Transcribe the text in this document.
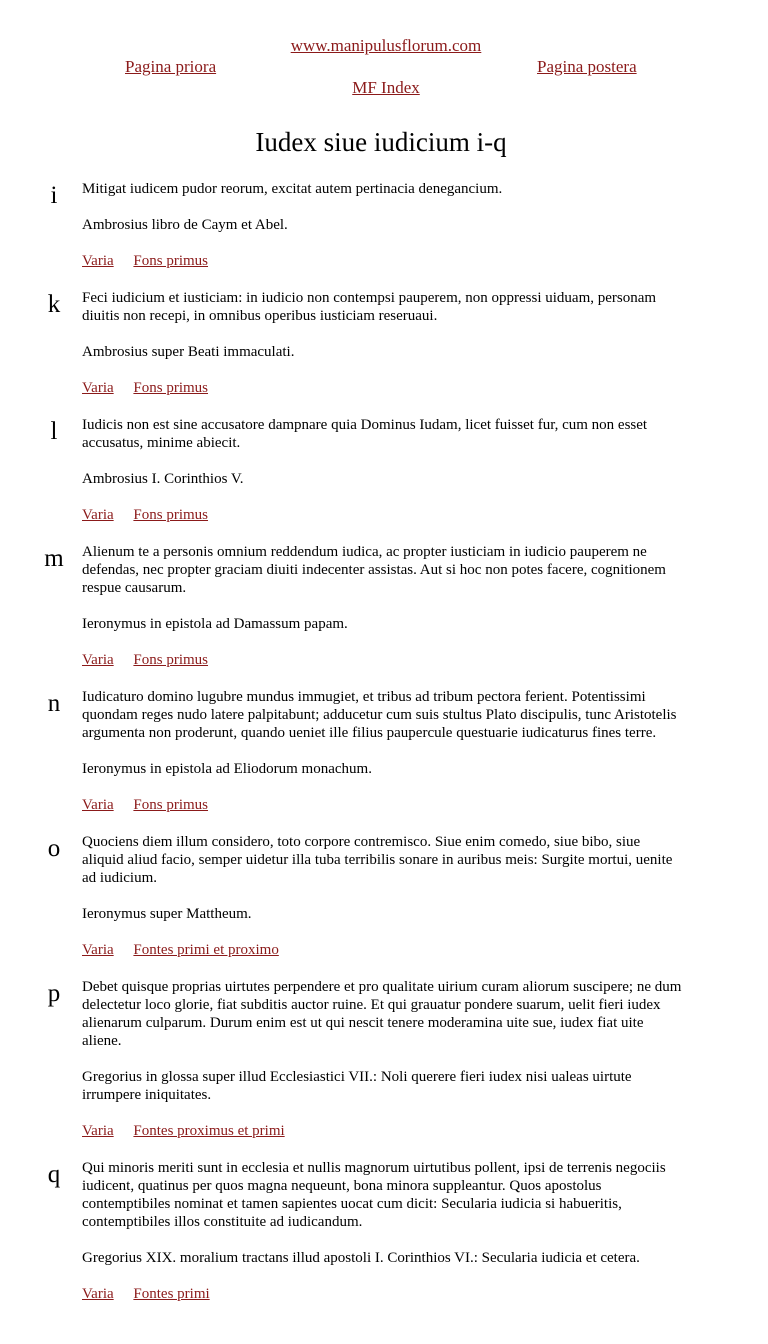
www.manipulusflorum.com
Pagina priora	Pagina postera
MF Index
Iudex siue iudicium i-q
i	Mitigat iudicem pudor reorum, excitat autem pertinacia denegancium.

Ambrosius libro de Caym et Abel.

Varia Fons primus
k	Feci iudicium et iusticiam: in iudicio non contempsi pauperem, non oppressi uiduam, personam diuitis non recepi, in omnibus operibus iusticiam reseruaui.

Ambrosius super Beati immaculati.

Varia Fons primus
l	Iudicis non est sine accusatore dampnare quia Dominus Iudam, licet fuisset fur, cum non esset accusatus, minime abiecit.

Ambrosius I. Corinthios V.

Varia Fons primus
m Alienum te a personis omnium reddendum iudica, ac propter iusticiam in iudicio pauperem ne defendas, nec propter graciam diuiti indecenter assistas. Aut si hoc non potes facere, cognitionem respue causarum.

Ieronymus in epistola ad Damassum papam.

Varia Fons primus
n	Iudicaturo domino lugubre mundus immugiet, et tribus ad tribum pectora ferient. Potentissimi quondam reges nudo latere palpitabunt; adducetur cum suis stultus Plato discipulis, tunc Aristotelis argumenta non proderunt, quando ueniet ille filius paupercule questuarie iudicaturus fines terre.

Ieronymus in epistola ad Eliodorum monachum.

Varia Fons primus
o	Quociens diem illum considero, toto corpore contremisco. Siue enim comedo, siue bibo, siue aliquid aliud facio, semper uidetur illa tuba terribilis sonare in auribus meis: Surgite mortui, uenite ad iudicium.

Ieronymus super Mattheum.

Varia Fontes primi et proximo
p	Debet quisque proprias uirtutes perpendere et pro qualitate uirium curam aliorum suscipere; ne dum delectetur loco glorie, fiat subditis auctor ruine. Et qui grauatur pondere suarum, uelit fieri iudex alienarum culparum. Durum enim est ut qui nescit tenere moderamina uite sue, iudex fiat uite aliene.

Gregorius in glossa super illud Ecclesiastici VII.: Noli querere fieri iudex nisi ualeas uirtute irrumpere iniquitates.

Varia Fontes proximus et primi
q	Qui minoris meriti sunt in ecclesia et nullis magnorum uirtutibus pollent, ipsi de terrenis negociis iudicent, quatinus per quos magna nequeunt, bona minora suppleantur. Quos apostolus contemptibiles nominat et tamen sapientes uocat cum dicit: Secularia iudicia si habueritis, contemptibiles illos constituite ad iudicandum.

Gregorius XIX. moralium tractans illud apostoli I. Corinthios VI.: Secularia iudicia et cetera.

Varia Fontes primi
